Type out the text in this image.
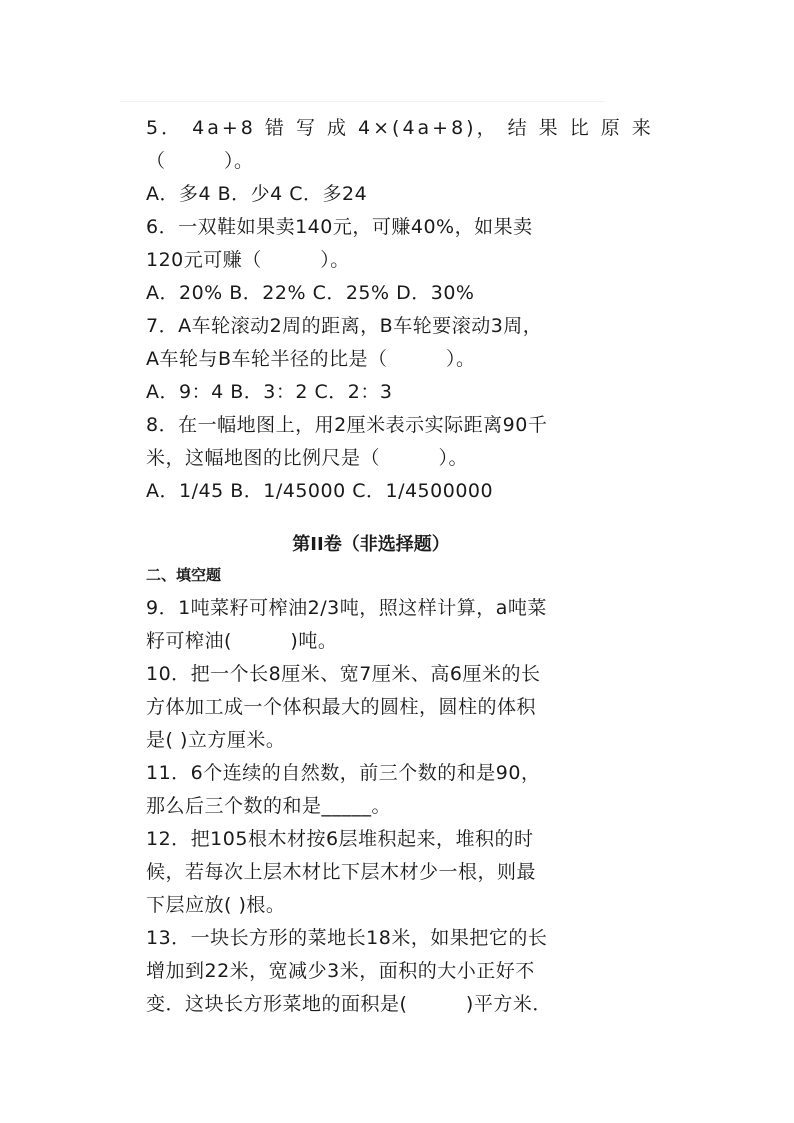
5． 4a+8 错 写 成 4×(4a+8)， 结 果 比 原 来
（　　　）。
A．多4 B．少4 C．多24
6．一双鞋如果卖140元，可赚40%，如果卖
120元可赚（　　　）。
A．20% B．22% C．25% D．30%
7．A车轮滚动2周的距离，B车轮要滚动3周，
A车轮与B车轮半径的比是（　　　）。
A．9：4 B．3：2 C．2：3
8．在一幅地图上，用2厘米表示实际距离90千
米，这幅地图的比例尺是（　　　）。
A．1/45 B．1/45000 C．1/4500000
第II卷（非选择题）
二、填空题
9．1吨菜籽可榨油2/3吨，照这样计算，a吨菜
籽可榨油(　　　)吨。
10．把一个长8厘米、宽7厘米、高6厘米的长
方体加工成一个体积最大的圆柱，圆柱的体积
是( )立方厘米。
11．6个连续的自然数，前三个数的和是90，
那么后三个数的和是_____。
12．把105根木材按6层堆积起来，堆积的时
候，若每次上层木材比下层木材少一根，则最
下层应放( )根。
13．一块长方形的菜地长18米，如果把它的长
增加到22米，宽减少3米，面积的大小正好不
变．这块长方形菜地的面积是(　　　)平方米．
